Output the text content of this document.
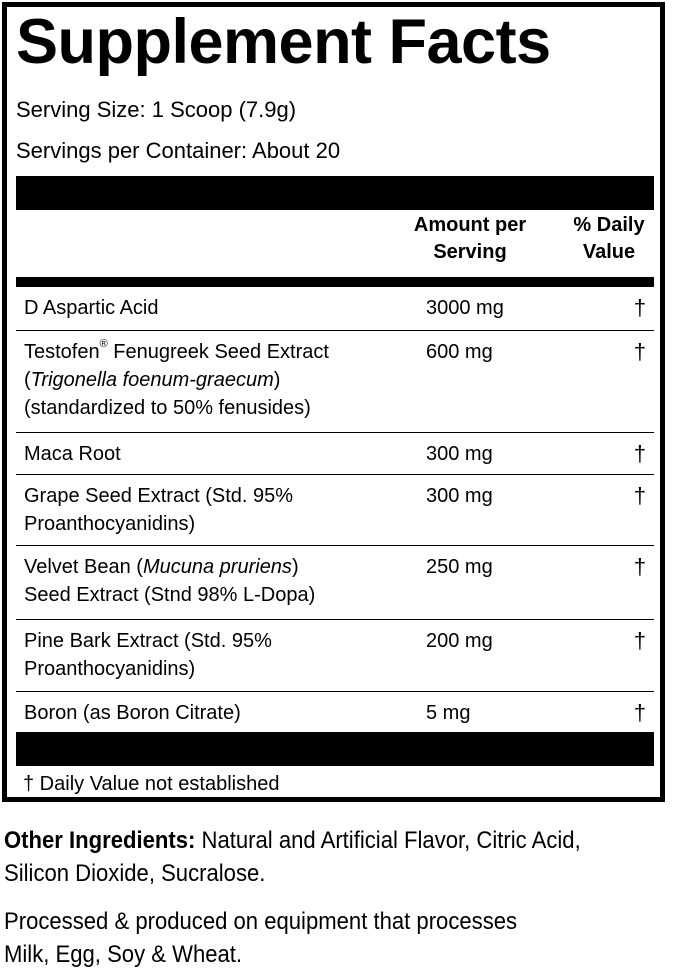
Supplement Facts
Serving Size: 1 Scoop (7.9g)
Servings per Container: About 20
Amount per
Serving
% Daily
Value
D Aspartic Acid	3000 mg	†
Testofen® Fenugreek Seed Extract
(Trigonella foenum-graecum)
(standardized to 50% fenusides)
600 mg	†
Maca Root	300 mg	†
Grape Seed Extract (Std. 95%
Proanthocyanidins)
300 mg	†
Velvet Bean (Mucuna pruriens)
Seed Extract (Stnd 98% L-Dopa)
250 mg	†
Pine Bark Extract (Std. 95%
Proanthocyanidins)
200 mg	†
Boron (as Boron Citrate)	5 mg	†
† Daily Value not established
Other Ingredients: Natural and Artificial Flavor, Citric Acid,
Silicon Dioxide, Sucralose.
Processed & produced on equipment that processes
Milk, Egg, Soy & Wheat.
